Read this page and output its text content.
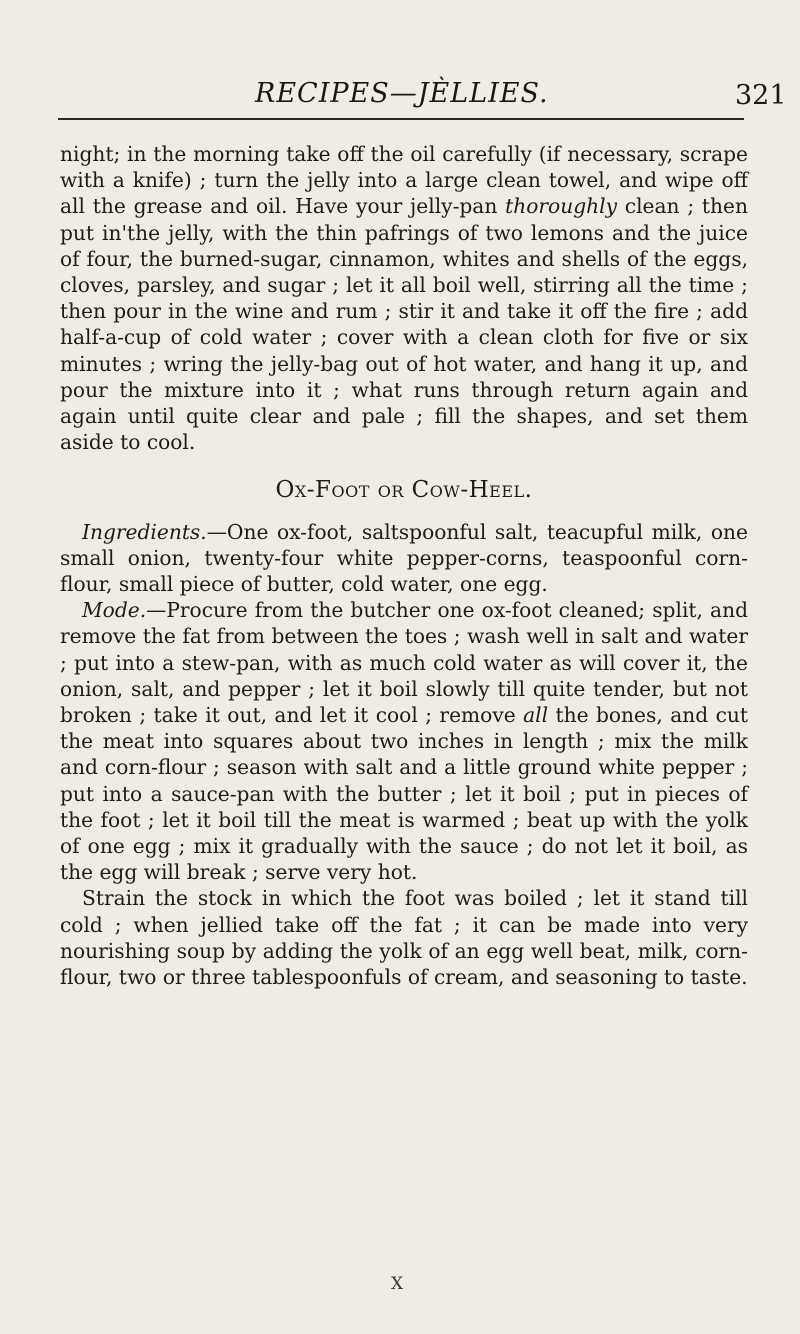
RECIPES—JÈLLIES.	321

night; in the morning take off the oil carefully (if necessary, scrape with a knife) ; turn the jelly into a large clean towel, and wipe off all the grease and oil. Have your jelly-pan thoroughly clean ; then put in'the jelly, with the thin pafrings of two lemons and the juice of four, the burned-sugar, cinnamon, whites and shells of the eggs, cloves, parsley, and sugar ; let it all boil well, stirring all the time ; then pour in the wine and rum ; stir it and take it off the fire ; add half-a-cup of cold water ; cover with a clean cloth for five or six minutes ; wring the jelly-bag out of hot water, and hang it up, and pour the mixture into it ; what runs through return again and again until quite clear and pale ; fill the shapes, and set them aside to cool.

Ox-Foot or Cow-Heel.

Ingredients.—One ox-foot, saltspoonful salt, teacupful milk, one small onion, twenty-four white pepper-corns, teaspoonful corn-flour, small piece of butter, cold water, one egg.

Mode.—Procure from the butcher one ox-foot cleaned; split, and remove the fat from between the toes ; wash well in salt and water ; put into a stew-pan, with as much cold water as will cover it, the onion, salt, and pepper ; let it boil slowly till quite tender, but not broken ; take it out, and let it cool ; remove all the bones, and cut the meat into squares about two inches in length ; mix the milk and corn-flour ; season with salt and a little ground white pepper ; put into a sauce-pan with the butter ; let it boil ; put in pieces of the foot ; let it boil till the meat is warmed ; beat up with the yolk of one egg ; mix it gradually with the sauce ; do not let it boil, as the egg will break ; serve very hot.

Strain the stock in which the foot was boiled ; let it stand till cold ; when jellied take off the fat ; it can be made into very nourishing soup by adding the yolk of an egg well beat, milk, corn-flour, two or three tablespoonfuls of cream, and seasoning to taste.

X
